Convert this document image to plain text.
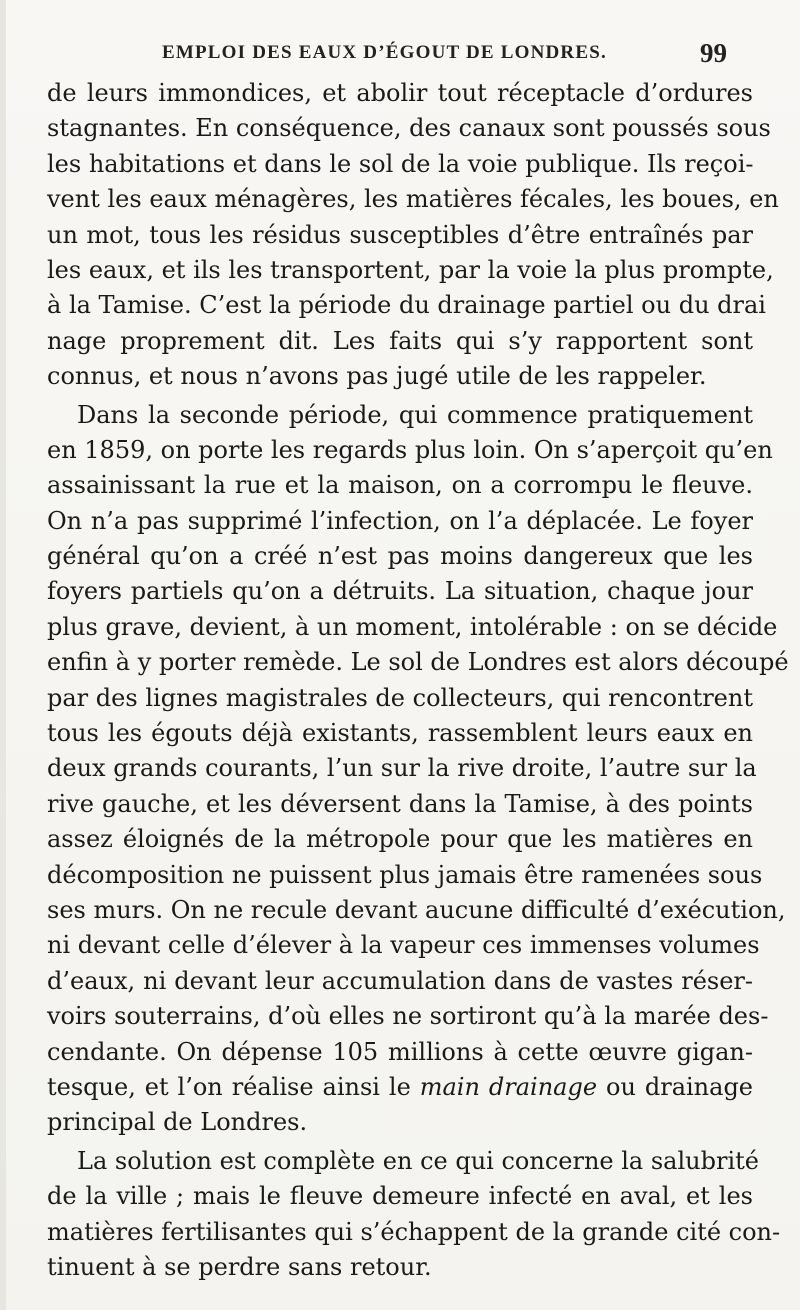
EMPLOI DES EAUX D’ÉGOUT DE LONDRES.	99
de leurs immondices, et abolir tout réceptacle d’ordures
stagnantes. En conséquence, des canaux sont poussés sous
les habitations et dans le sol de la voie publique. Ils reçoi-
vent les eaux ménagères, les matières fécales, les boues, en
un mot, tous les résidus susceptibles d’être entraînés par
les eaux, et ils les transportent, par la voie la plus prompte,
à la Tamise. C’est la période du drainage partiel ou du drai
nage proprement dit. Les faits qui s’y rapportent sont
connus, et nous n’avons pas jugé utile de les rappeler.
Dans la seconde période, qui commence pratiquement
en 1859, on porte les regards plus loin. On s’aperçoit qu’en
assainissant la rue et la maison, on a corrompu le fleuve.
On n’a pas supprimé l’infection, on l’a déplacée. Le foyer
général qu’on a créé n’est pas moins dangereux que les
foyers partiels qu’on a détruits. La situation, chaque jour
plus grave, devient, à un moment, intolérable : on se décide
enfin à y porter remède. Le sol de Londres est alors découpé
par des lignes magistrales de collecteurs, qui rencontrent
tous les égouts déjà existants, rassemblent leurs eaux en
deux grands courants, l’un sur la rive droite, l’autre sur la
rive gauche, et les déversent dans la Tamise, à des points
assez éloignés de la métropole pour que les matières en
décomposition ne puissent plus jamais être ramenées sous
ses murs. On ne recule devant aucune difficulté d’exécution,
ni devant celle d’élever à la vapeur ces immenses volumes
d’eaux, ni devant leur accumulation dans de vastes réser-
voirs souterrains, d’où elles ne sortiront qu’à la marée des-
cendante. On dépense 105 millions à cette œuvre gigan-
tesque, et l’on réalise ainsi le main drainage ou drainage
principal de Londres.
La solution est complète en ce qui concerne la salubrité
de la ville ; mais le fleuve demeure infecté en aval, et les
matières fertilisantes qui s’échappent de la grande cité con-
tinuent à se perdre sans retour.
